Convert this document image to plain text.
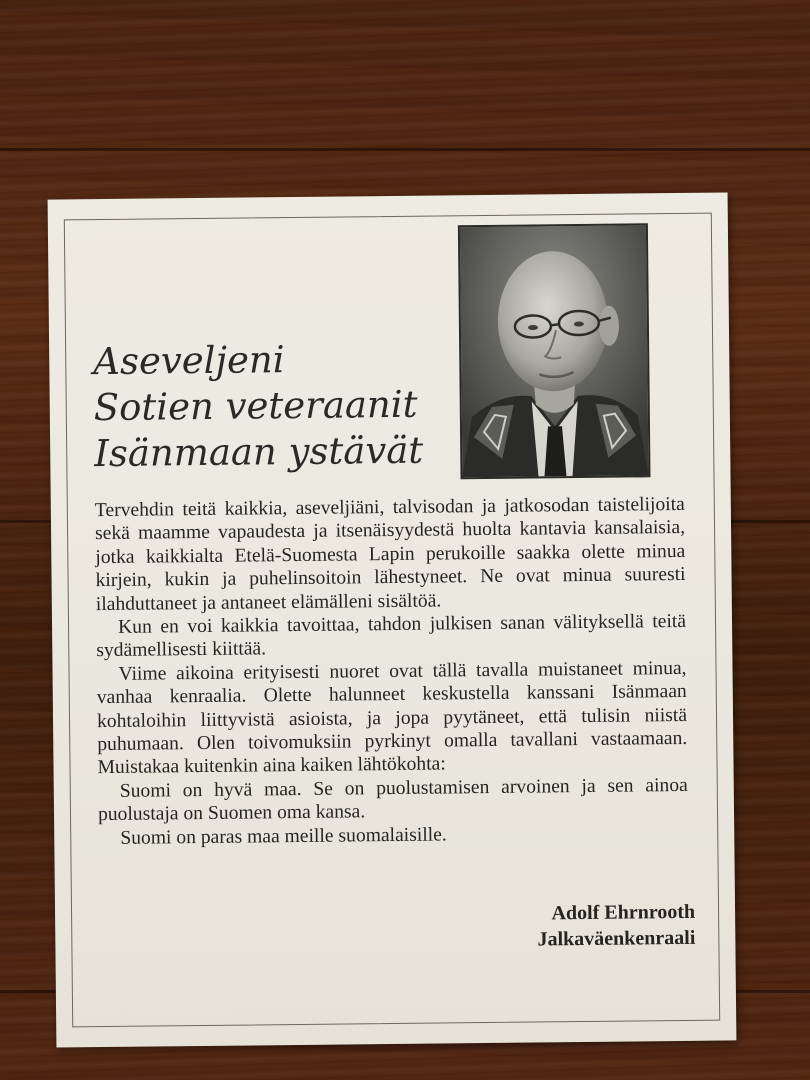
Aseveljeni
Sotien veteraanit
Isänmaan ystävät

Tervehdin teitä kaikkia, aseveljiäni, talvisodan ja jatkosodan taistelijoita sekä maamme vapaudesta ja itsenäisyydestä huolta kantavia kansalaisia, jotka kaikkialta Etelä-Suomesta Lapin perukoille saakka olette minua kirjein, kukin ja puhelinsoitoin lähestyneet. Ne ovat minua suuresti ilahduttaneet ja antaneet elämälleni sisältöä.

Kun en voi kaikkia tavoittaa, tahdon julkisen sanan välityksellä teitä sydämellisesti kiittää.

Viime aikoina erityisesti nuoret ovat tällä tavalla muistaneet minua, vanhaa kenraalia. Olette halunneet keskustella kanssani Isänmaan kohtaloihin liittyvistä asioista, ja jopa pyytäneet, että tulisin niistä puhumaan. Olen toivomuksiin pyrkinyt omalla tavallani vastaamaan. Muistakaa kuitenkin aina kaiken lähtökohta:

Suomi on hyvä maa. Se on puolustamisen arvoinen ja sen ainoa puolustaja on Suomen oma kansa.

Suomi on paras maa meille suomalaisille.

Adolf Ehrnrooth
Jalkaväenkenraali
